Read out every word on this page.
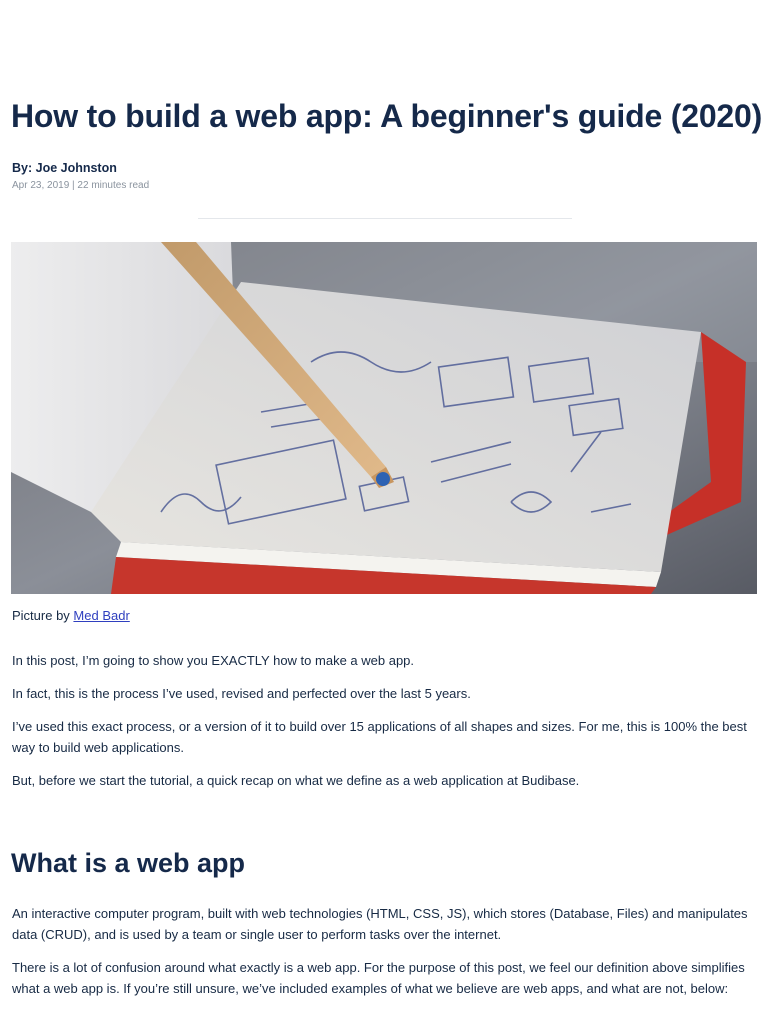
How to build a web app: A beginner's guide (2020)
By: Joe Johnston
Apr 23, 2019 | 22 minutes read
Picture by Med Badr

In this post, I’m going to show you EXACTLY how to make a web app.

In fact, this is the process I’ve used, revised and perfected over the last 5 years.

I’ve used this exact process, or a version of it to build over 15 applications of all shapes and sizes. For me, this is 100% the best way to build web applications.

But, before we start the tutorial, a quick recap on what we define as a web application at Budibase.

What is a web app

An interactive computer program, built with web technologies (HTML, CSS, JS), which stores (Database, Files) and manipulates data (CRUD), and is used by a team or single user to perform tasks over the internet.

There is a lot of confusion around what exactly is a web app. For the purpose of this post, we feel our definition above simplifies what a web app is. If you’re still unsure, we’ve included examples of what we believe are web apps, and what are not, below:
